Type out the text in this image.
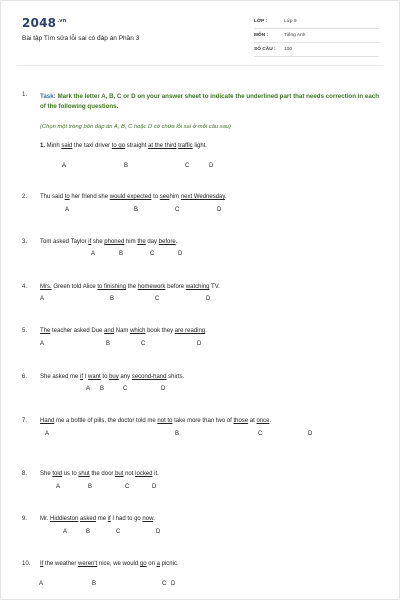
$2048^{.vn}$
Bài tập Tìm sửa lỗi sai có đáp án Phần 3
LỚP :	Lớp 9
MÔN :	Tiếng Anh
SỐ CÂU : 100
1. Task: Mark the letter A, B, C or D on your answer sheet to indicate the underlined part that needs correction in each of the following questions.
(Chọn một trong bốn đáp án A, B, C hoặc D có chứa lỗi sai ở mỗi câu sau)
1. Minh said the taxi driver to go straight at the third traffic light.
A	B	C	D
2. Thu said to her friend she would expected to seehim next Wednesday.
A	B	C	D
3. Tom asked Taylor if she phoned him the day before.
A	B	C	D
4. Mrs. Green told Alice to finishing the homework before watching TV.
A	B	C	D
5. The teacher asked Due and Nam which book they are reading.
A	B	C	D
6. She asked me if I want to buy any second-hand shirts.
A B	C	D
7. Hand me a bottle of pills, the doctor told me not to take more than two of those at once.
A	B	C	D
8. She told us to shut the door but not locked it.
A	B	C	D
9. Mr. Hiddleston asked me if I had to go now.
A	B	C	D
10. If the weather weren't nice, we would go on a picnic.
A	B	C D
